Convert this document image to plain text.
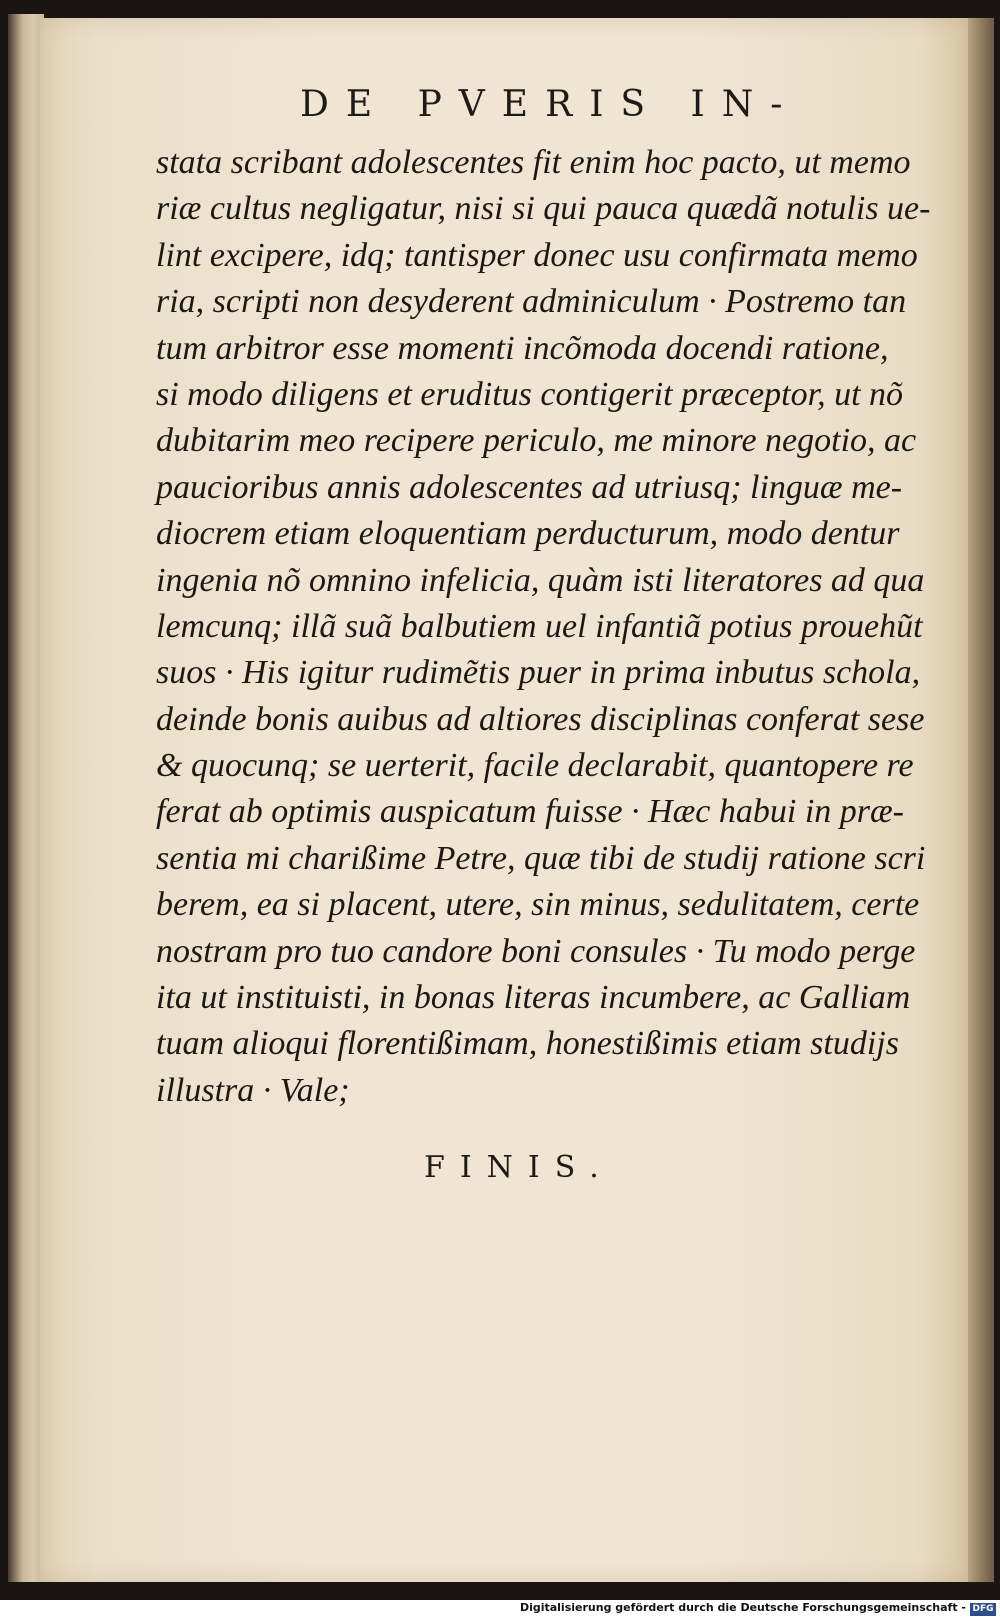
DE PVERIS IN-
stata scribant adolescentes fit enim hoc pacto, ut memo
riæ cultus negligatur, nisi si qui pauca quædã notulis ue-
lint excipere, idq; tantisper donec usu confirmata memo
ria, scripti non desyderent adminiculum · Postremo tan
tum arbitror esse momenti incõmoda docendi ratione,
si modo diligens et eruditus contigerit præceptor, ut nõ
dubitarim meo recipere periculo, me minore negotio, ac
paucioribus annis adolescentes ad utriusq; linguæ me-
diocrem etiam eloquentiam perducturum, modo dentur
ingenia nõ omnino infelicia, quàm isti literatores ad qua
lemcunq; illã suã balbutiem uel infantiã potius prouehũt
suos · His igitur rudimẽtis puer in prima inbutus schola,
deinde bonis auibus ad altiores disciplinas conferat sese
& quocunq; se uerterit, facile declarabit, quantopere re
ferat ab optimis auspicatum fuisse · Hæc habui in præ-
sentia mi charißime Petre, quæ tibi de studij ratione scri
berem, ea si placent, utere, sin minus, sedulitatem, certe
nostram pro tuo candore boni consules · Tu modo perge
ita ut instituisti, in bonas literas incumbere, ac Galliam
tuam alioqui florentißimam, honestißimis etiam studijs
illustra · Vale;
FINIS.
Digitalisierung gefördert durch die Deutsche Forschungsgemeinschaft - DFG
